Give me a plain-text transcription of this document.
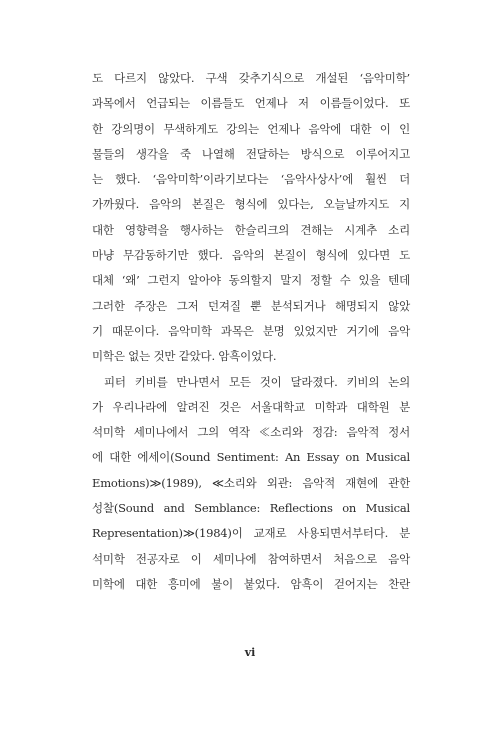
도 다르지 않았다. 구색 갖추기식으로 개설된 ‘음악미학’
과목에서 언급되는 이름들도 언제나 저 이름들이었다. 또
한 강의명이 무색하게도 강의는 언제나 음악에 대한 이 인
물들의 생각을 죽 나열해 전달하는 방식으로 이루어지고
는 했다. ‘음악미학’이라기보다는 ‘음악사상사’에 훨씬 더
가까웠다. 음악의 본질은 형식에 있다는, 오늘날까지도 지
대한 영향력을 행사하는 한슬리크의 견해는 시계추 소리
마냥 무감동하기만 했다. 음악의 본질이 형식에 있다면 도
대체 ‘왜’ 그런지 알아야 동의할지 말지 정할 수 있을 텐데
그러한 주장은 그저 던져질 뿐 분석되거나 해명되지 않았
기 때문이다. 음악미학 과목은 분명 있었지만 거기에 음악
미학은 없는 것만 같았다. 암흑이었다.
피터 키비를 만나면서 모든 것이 달라졌다. 키비의 논의
가 우리나라에 알려진 것은 서울대학교 미학과 대학원 분
석미학 세미나에서 그의 역작 ≪소리와 정감: 음악적 정서
에 대한 에세이(Sound Sentiment: An Essay on Musical
Emotions)≫(1989), ≪소리와 외관: 음악적 재현에 관한
성찰(Sound and Semblance: Reflections on Musical
Representation)≫(1984)이 교재로 사용되면서부터다. 분
석미학 전공자로 이 세미나에 참여하면서 처음으로 음악
미학에 대한 흥미에 불이 붙었다. 암흑이 걷어지는 찬란
vi
